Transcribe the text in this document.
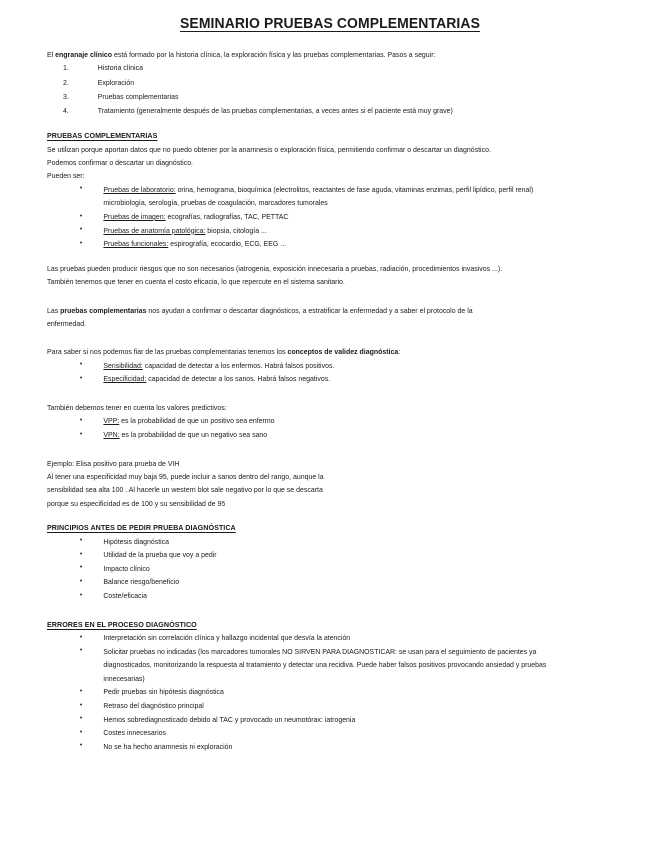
SEMINARIO PRUEBAS COMPLEMENTARIAS

El engranaje clínico está formado por la historia clínica, la exploración física y las pruebas complementarias. Pasos a seguir:

1.	Historia clínica
2.	Exploración
3.	Pruebas complementarias
4.	Tratamiento (generalmente después de las pruebas complementarias, a veces antes si el paciente está muy grave)

PRUEBAS COMPLEMENTARIAS

Se utilizan porque aportan datos que no puedo obtener por la anamnesis o exploración física, permitiendo confirmar o descartar un diagnóstico.

Podemos confirmar o descartar un diagnóstico.

Pueden ser:

•	Pruebas de laboratorio: orina, hemograma, bioquímica (electrolitos, reactantes de fase aguda, vitaminas enzimas, perfil lipídico, perfil renal)
microbiología, serología, pruebas de coagulación, marcadores tumorales
•	Pruebas de imagen: ecografías, radiografías, TAC, PETTAC
•	Pruebas de anatomía patológica: biopsia, citología ...
•	Pruebas funcionales: espirografía, ecocardio, ECG, EEG ...

Las pruebas pueden producir riesgos que no son necesarios (iatrogenia, exposición innecesaria a pruebas, radiación, procedimientos invasivos ...).

También tenemos que tener en cuenta el costo eficacia, lo que repercute en el sistema sanitario.

Las pruebas complementarias nos ayudan a confirmar o descartar diagnósticos, a estratificar la enfermedad y a saber el protocolo de la

enfermedad.

Para saber si nos podemos fiar de las pruebas complementarias tenemos los conceptos de validez diagnóstica:

•	Sensibilidad: capacidad de detectar a los enfermos. Habrá falsos positivos.
•	Especificidad: capacidad de detectar a los sanos. Habrá falsos negativos.

También debemos tener en cuenta los valores predictivos:

•	VPP: es la probabilidad de que un positivo sea enfermo
•	VPN: es la probabilidad de que un negativo sea sano

Ejemplo: Elisa positivo para prueba de VIH

Al tener una especificidad muy baja 95, puede incluir a sanos dentro del rango, aunque la

sensibilidad sea alta 100 . Al hacerle un western blot sale negativo por lo que se descarta

porque su especificidad es de 100 y su sensibilidad de 95

PRINCIPIOS ANTES DE PEDIR PRUEBA DIAGNÓSTICA

•	Hipótesis diagnóstica
•	Utilidad de la prueba que voy a pedir
•	Impacto clínico
•	Balance riesgo/beneficio
•	Coste/eficacia

ERRORES EN EL PROCESO DIAGNÓSTICO

•	Interpretación sin correlación clínica y hallazgo incidental que desvía la atención
•	Solicitar pruebas no indicadas (los marcadores tumorales NO SIRVEN PARA DIAGNOSTICAR: se usan para el seguimiento de pacientes ya
diagnosticados, monitorizando la respuesta al tratamiento y detectar una recidiva. Puede haber falsos positivos provocando ansiedad y pruebas
innecesarias)
•	Pedir pruebas sin hipótesis diagnóstica
•	Retraso del diagnóstico principal
•	Hemos sobrediagnosticado debido al TAC y provocado un neumotórax: iatrogenia
•	Costes innecesarios
•	No se ha hecho anamnesis ni exploración
